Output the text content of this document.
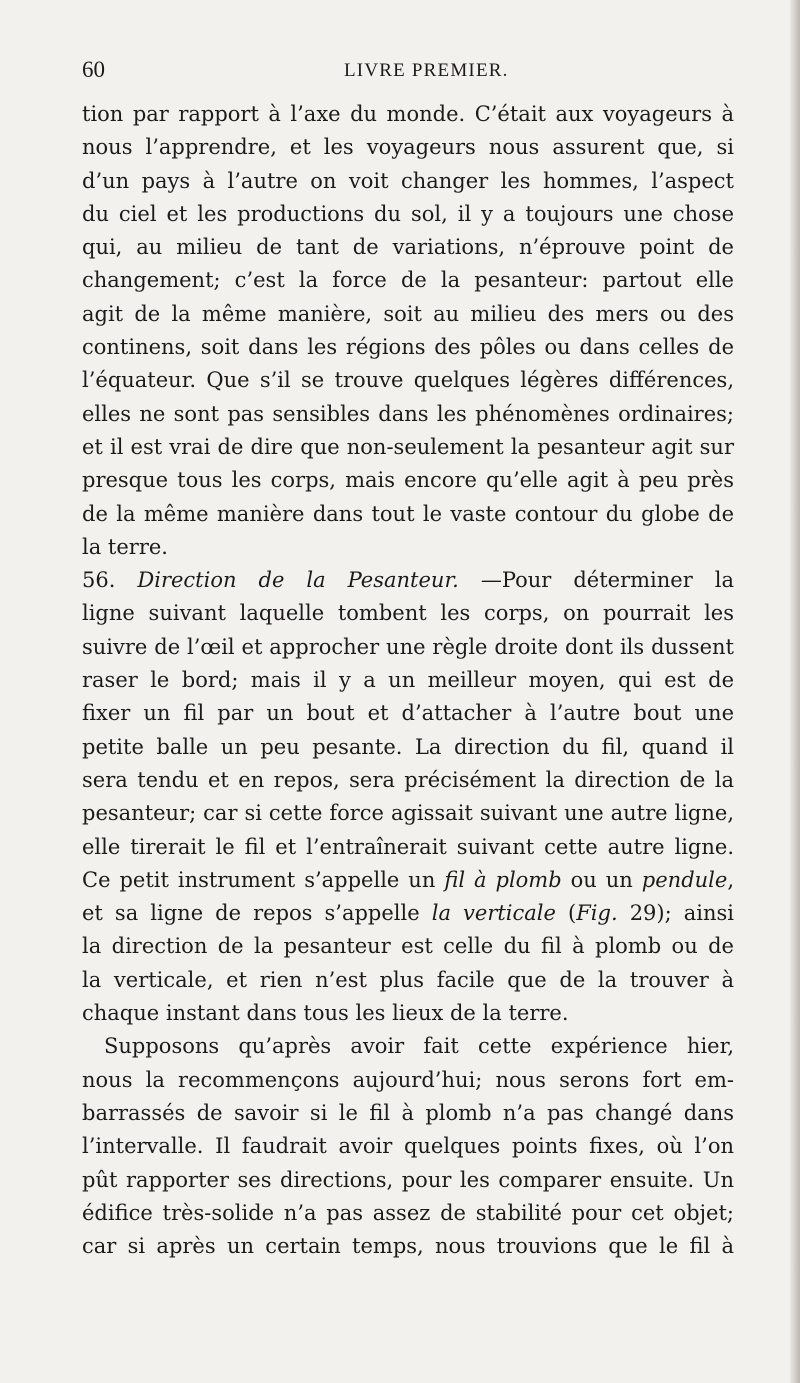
60	LIVRE PREMIER.
tion par rapport à l’axe du monde. C’était aux voyageurs à
nous l’apprendre, et les voyageurs nous assurent que, si
d’un pays à l’autre on voit changer les hommes, l’aspect
du ciel et les productions du sol, il y a toujours une chose
qui, au milieu de tant de variations, n’éprouve point de
changement; c’est la force de la pesanteur: partout elle
agit de la même manière, soit au milieu des mers ou des
continens, soit dans les régions des pôles ou dans celles de
l’équateur. Que s’il se trouve quelques légères différences,
elles ne sont pas sensibles dans les phénomènes ordinaires;
et il est vrai de dire que non-seulement la pesanteur agit sur
presque tous les corps, mais encore qu’elle agit à peu près
de la même manière dans tout le vaste contour du globe de
la terre.
56. Direction de la Pesanteur. —Pour déterminer la
ligne suivant laquelle tombent les corps, on pourrait les
suivre de l’œil et approcher une règle droite dont ils dussent
raser le bord; mais il y a un meilleur moyen, qui est de
fixer un fil par un bout et d’attacher à l’autre bout une
petite balle un peu pesante. La direction du fil, quand il
sera tendu et en repos, sera précisément la direction de la
pesanteur; car si cette force agissait suivant une autre ligne,
elle tirerait le fil et l’entraînerait suivant cette autre ligne.
Ce petit instrument s’appelle un fil à plomb ou un pendule,
et sa ligne de repos s’appelle la verticale (Fig. 29); ainsi
la direction de la pesanteur est celle du fil à plomb ou de
la verticale, et rien n’est plus facile que de la trouver à
chaque instant dans tous les lieux de la terre.
Supposons qu’après avoir fait cette expérience hier,
nous la recommençons aujourd’hui; nous serons fort em-
barrassés de savoir si le fil à plomb n’a pas changé dans
l’intervalle. Il faudrait avoir quelques points fixes, où l’on
pût rapporter ses directions, pour les comparer ensuite. Un
édifice très-solide n’a pas assez de stabilité pour cet objet;
car si après un certain temps, nous trouvions que le fil à
